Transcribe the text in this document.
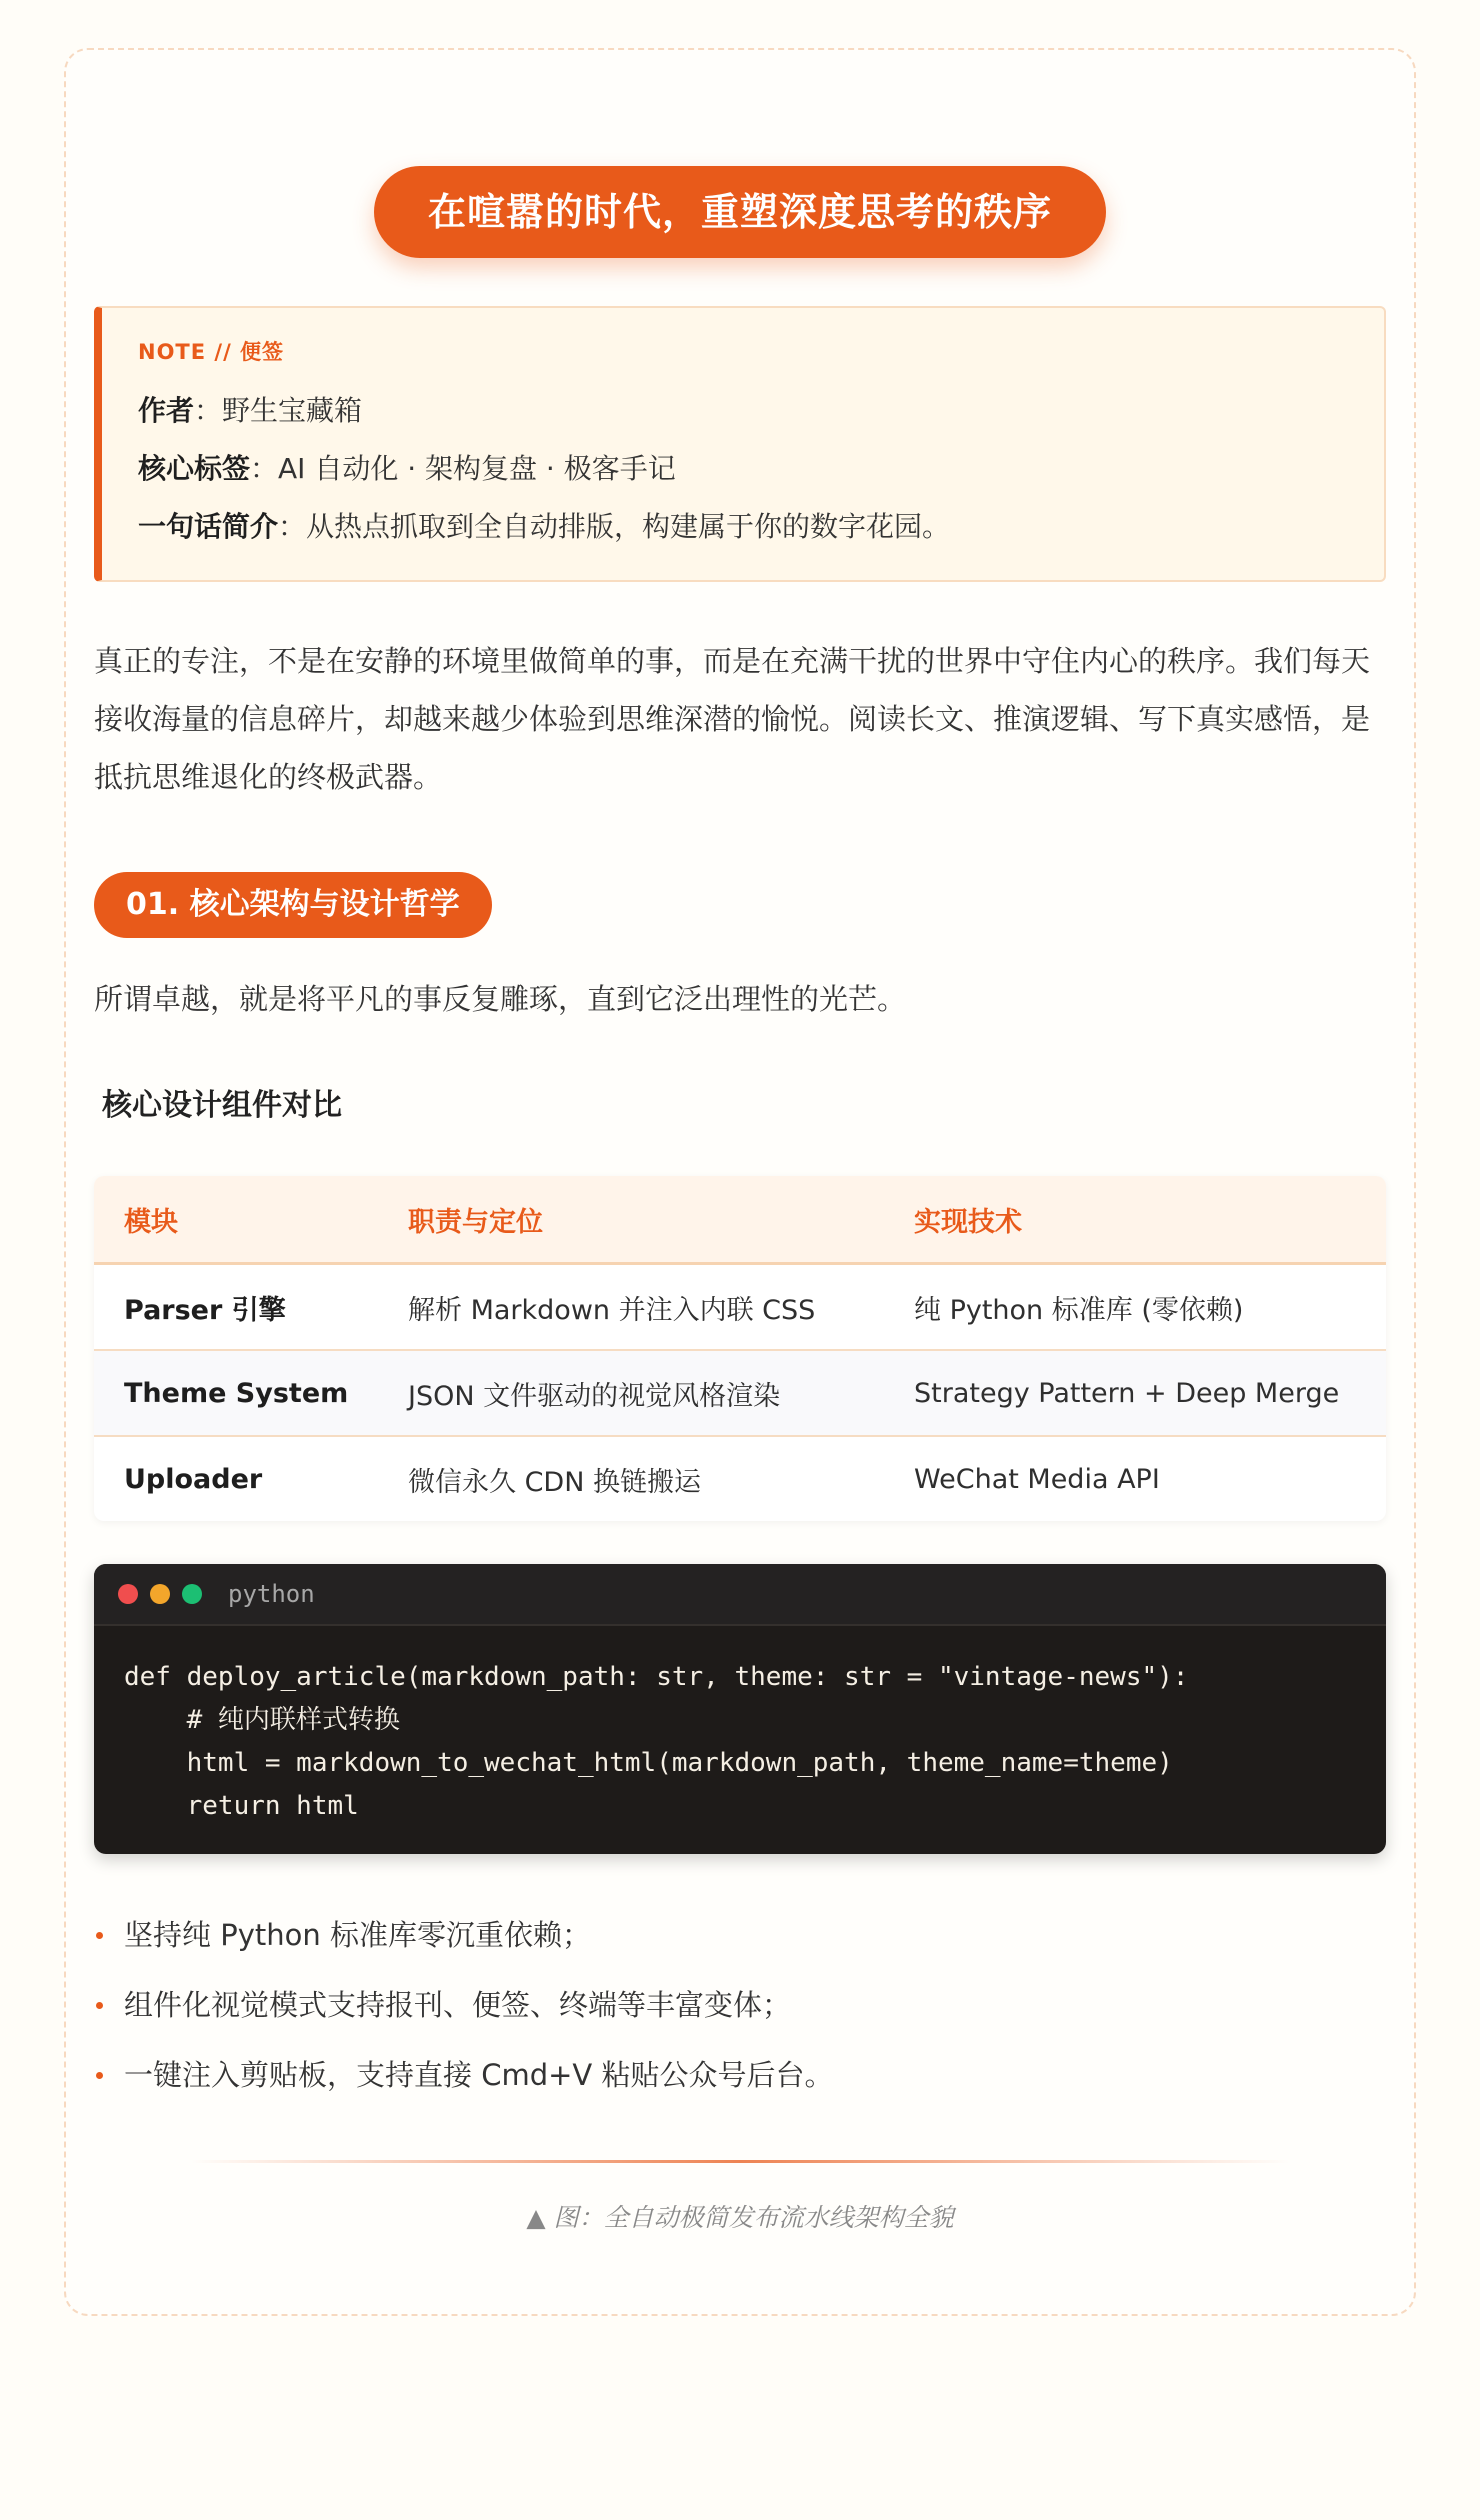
在喧嚣的时代，重塑深度思考的秩序
NOTE // 便签
作者：野生宝藏箱
核心标签：AI 自动化 · 架构复盘 · 极客手记
一句话简介：从热点抓取到全自动排版，构建属于你的数字花园。
真正的专注，不是在安静的环境里做简单的事，而是在充满干扰的世界中守住内心的秩序。我们每天接收海量的信息碎片，却越来越少体验到思维深潜的愉悦。阅读长文、推演逻辑、写下真实感悟，是抵抗思维退化的终极武器。
01. 核心架构与设计哲学
所谓卓越，就是将平凡的事反复雕琢，直到它泛出理性的光芒。
核心设计组件对比
模块	职责与定位	实现技术
Parser 引擎	解析 Markdown 并注入内联 CSS	纯 Python 标准库 (零依赖)
Theme System	JSON 文件驱动的视觉风格渲染	Strategy Pattern + Deep Merge
Uploader	微信永久 CDN 换链搬运	WeChat Media API
python
def deploy_article(markdown_path: str, theme: str = "vintage-news"):
# 纯内联样式转换
html = markdown_to_wechat_html(markdown_path, theme_name=theme)
return html
坚持纯 Python 标准库零沉重依赖；
组件化视觉模式支持报刊、便签、终端等丰富变体；
一键注入剪贴板，支持直接 Cmd+V 粘贴公众号后台。
▲ 图：全自动极简发布流水线架构全貌
